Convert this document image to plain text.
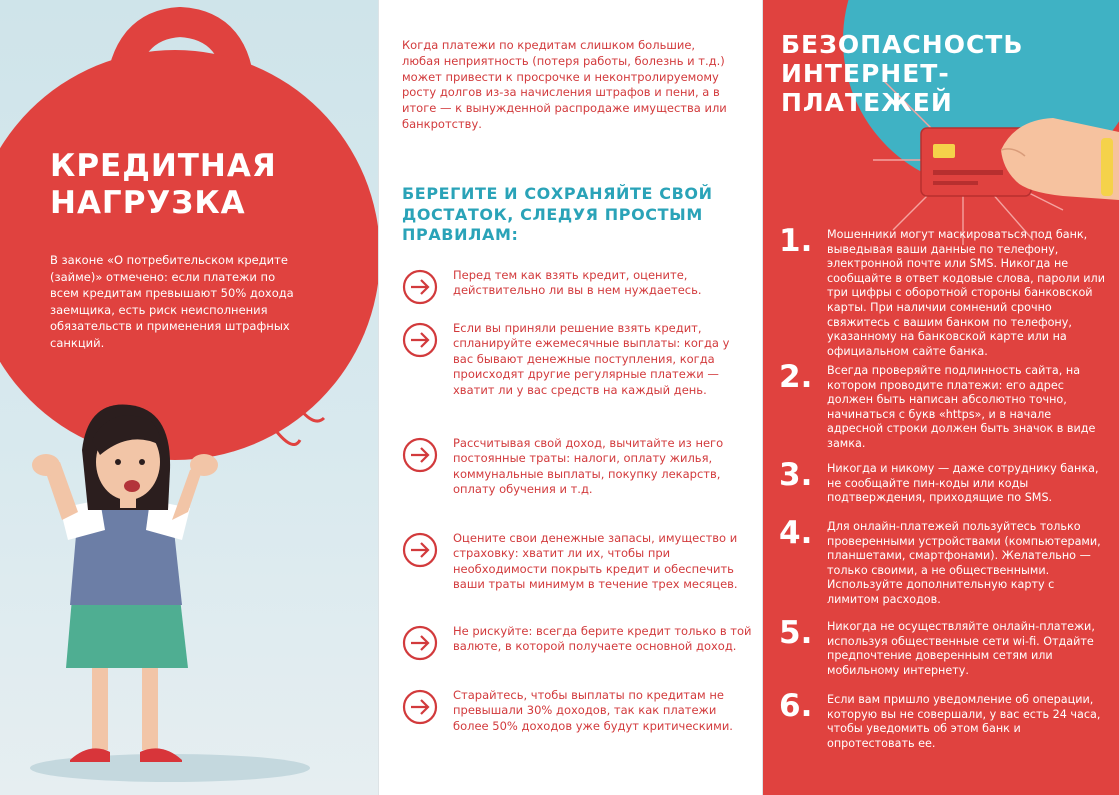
КРЕДИТНАЯ
НАГРУЗКА

В законе «О потребительском кредите (займе)» отмечено: если платежи по всем кредитам превышают 50% дохода заемщика, есть риск неисполнения обязательств и применения штрафных санкций.

Когда платежи по кредитам слишком большие, любая неприятность (потеря работы, болезнь и т.д.) может привести к просрочке и неконтролируемому росту долгов из-за начисления штрафов и пени, а в итоге — к вынужденной распродаже имущества или банкротству.

БЕРЕГИТЕ И СОХРАНЯЙТЕ СВОЙ ДОСТАТОК, СЛЕДУЯ ПРОСТЫМ ПРАВИЛАМ:

Перед тем как взять кредит, оцените, действительно ли вы в нем нуждаетесь.

Если вы приняли решение взять кредит, спланируйте ежемесячные выплаты: когда у вас бывают денежные поступления, когда происходят другие регулярные платежи — хватит ли у вас средств на каждый день.

Рассчитывая свой доход, вычитайте из него постоянные траты: налоги, оплату жилья, коммунальные выплаты, покупку лекарств, оплату обучения и т.д.

Оцените свои денежные запасы, имущество и страховку: хватит ли их, чтобы при необходимости покрыть кредит и обеспечить ваши траты минимум в течение трех месяцев.

Не рискуйте: всегда берите кредит только в той валюте, в которой получаете основной доход.

Старайтесь, чтобы выплаты по кредитам не превышали 30% доходов, так как платежи более 50% доходов уже будут критическими.

БЕЗОПАСНОСТЬ
ИНТЕРНЕТ-
ПЛАТЕЖЕЙ
1. Мошенники могут маскироваться под банк, выведывая ваши данные по телефону, электронной почте или SMS. Никогда не сообщайте в ответ кодовые слова, пароли или три цифры с оборотной стороны банковской карты. При наличии сомнений срочно свяжитесь с вашим банком по телефону, указанному на банковской карте или на официальном сайте банка.

2. Всегда проверяйте подлинность сайта, на котором проводите платежи: его адрес должен быть написан абсолютно точно, начинаться с букв «https», и в начале адресной строки должен быть значок в виде замка.

3. Никогда и никому — даже сотруднику банка, не сообщайте пин-коды или коды подтверждения, приходящие по SMS.

4. Для онлайн-платежей пользуйтесь только проверенными устройствами (компьютерами, планшетами, смартфонами). Желательно — только своими, а не общественными. Используйте дополнительную карту с лимитом расходов.

5. Никогда не осуществляйте онлайн-платежи, используя общественные сети wi-fi. Отдайте предпочтение доверенным сетям или мобильному интернету.

6. Если вам пришло уведомление об операции, которую вы не совершали, у вас есть 24 часа, чтобы уведомить об этом банк и опротестовать ее.
